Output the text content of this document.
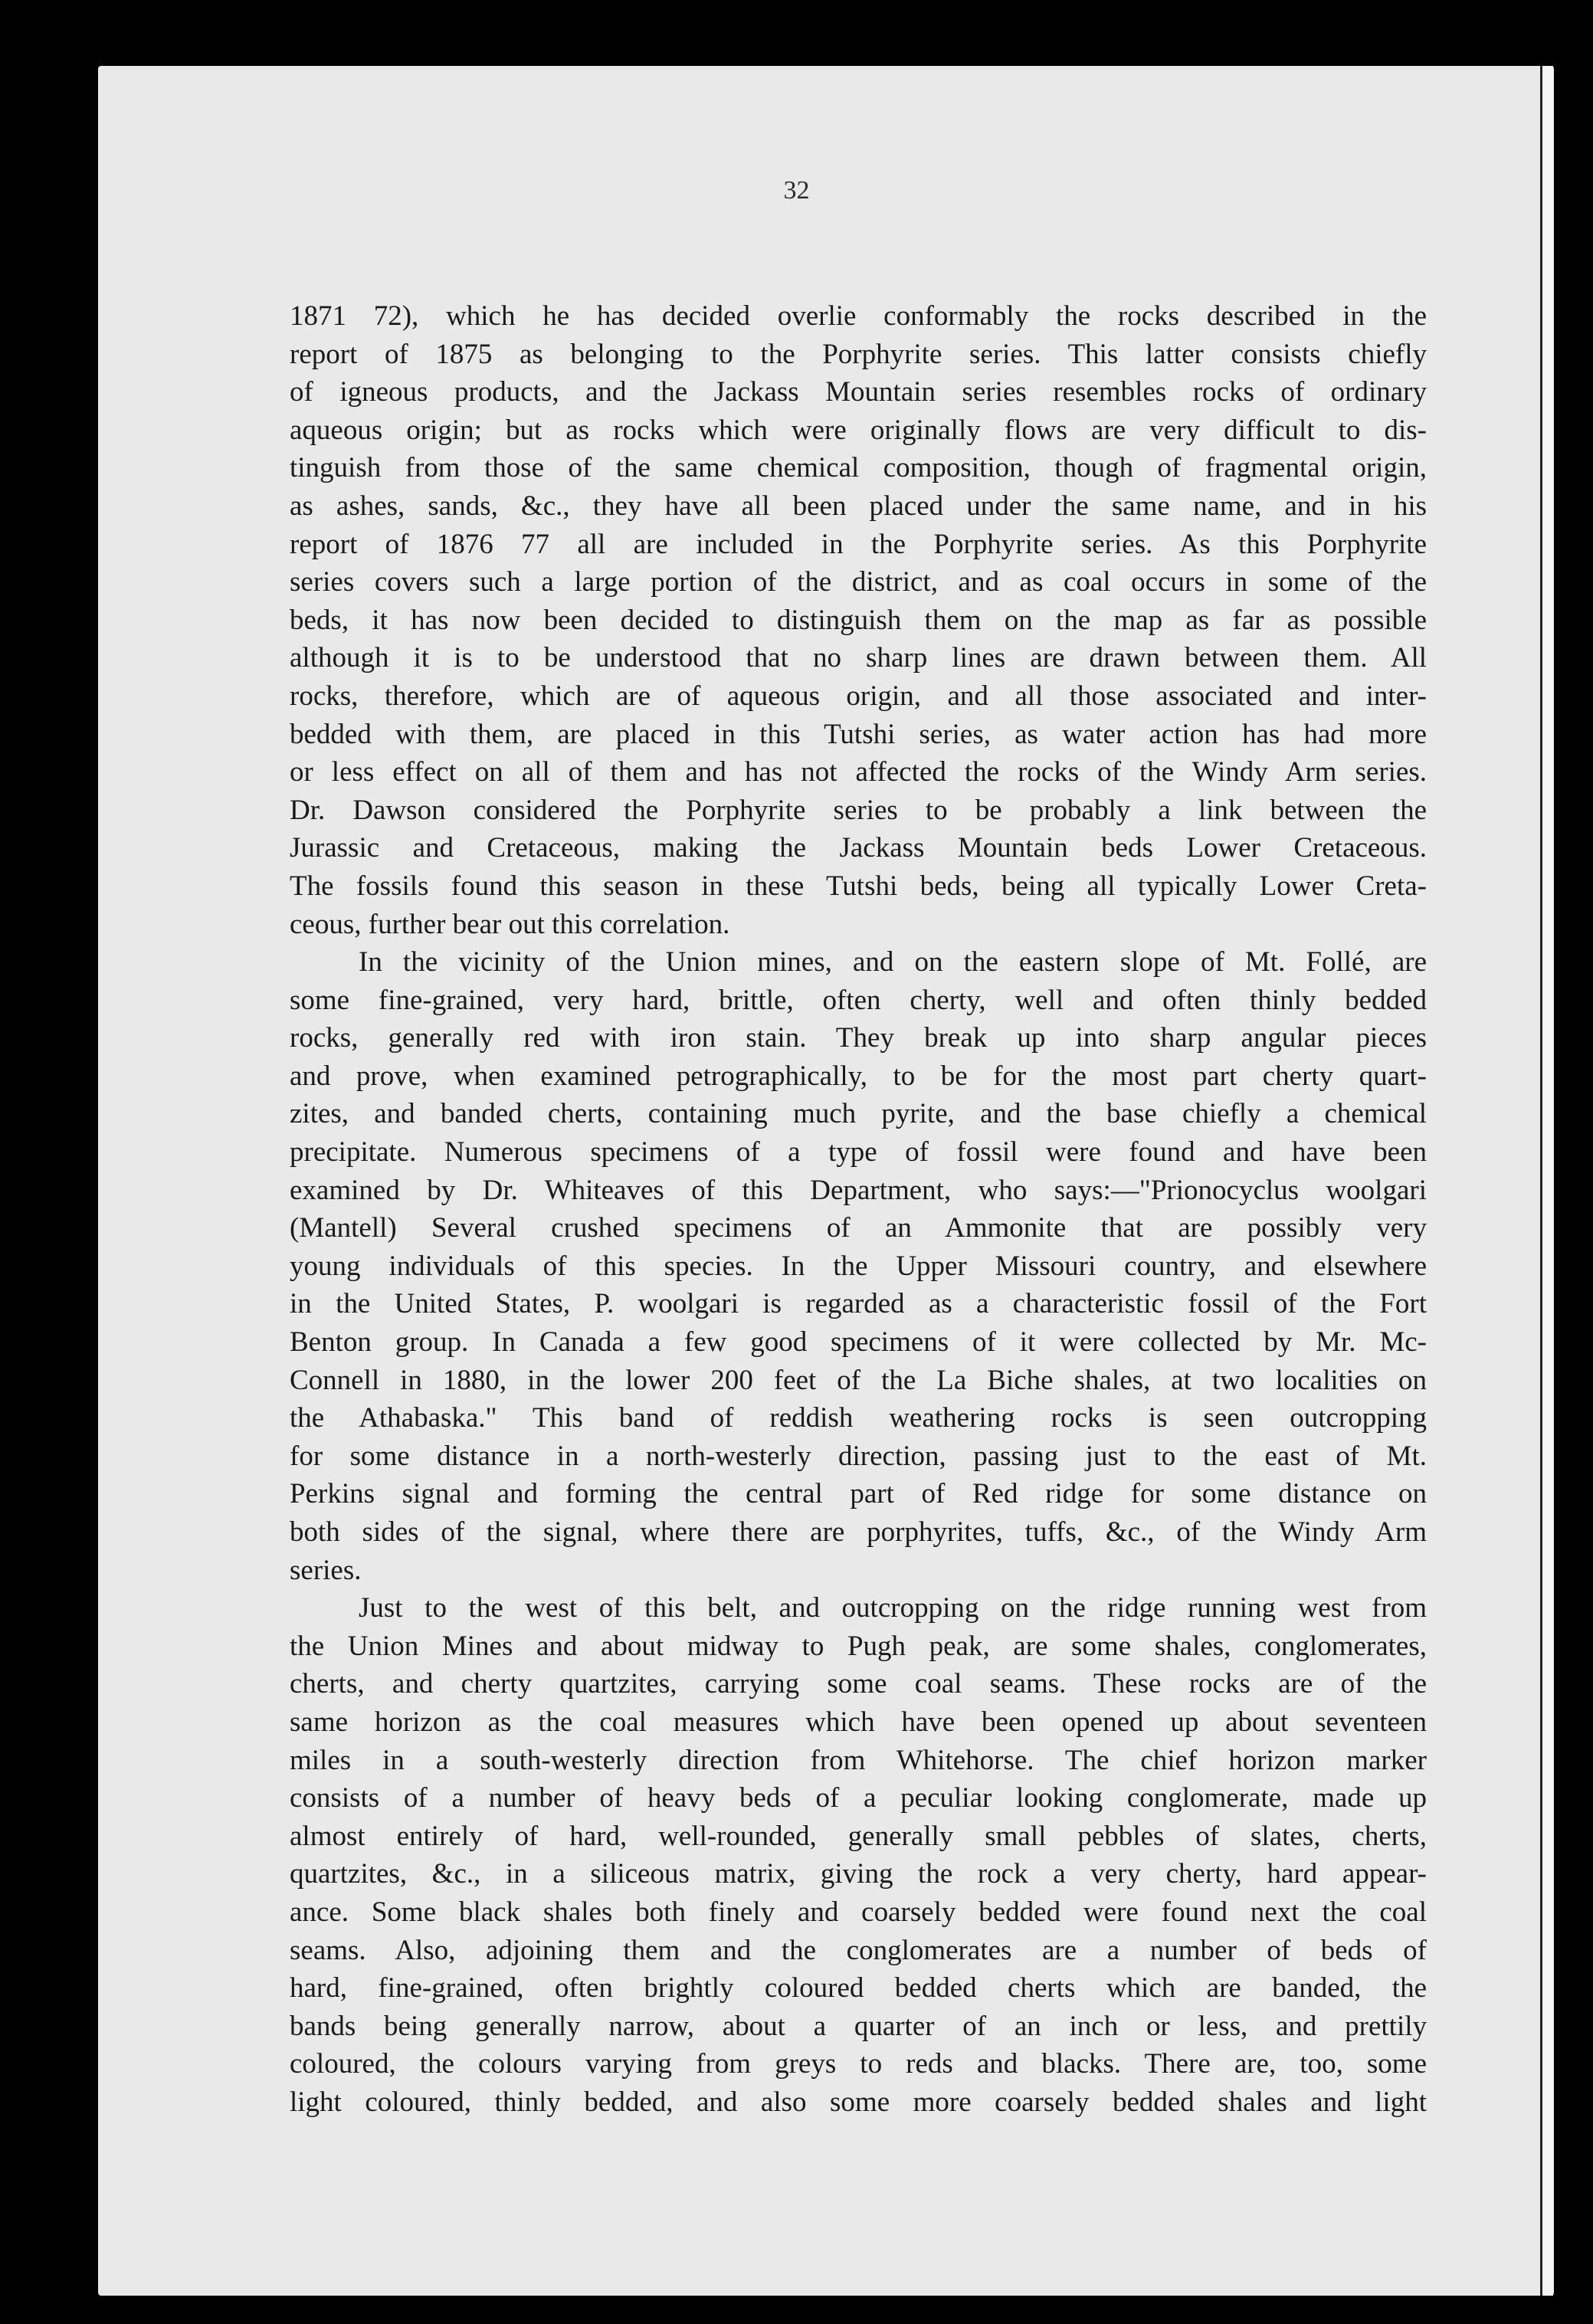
32
1871 72), which he has decided overlie conformably the rocks described in the
report of 1875 as belonging to the Porphyrite series. This latter consists chiefly
of igneous products, and the Jackass Mountain series resembles rocks of ordinary
aqueous origin; but as rocks which were originally flows are very difficult to dis-
tinguish from those of the same chemical composition, though of fragmental origin,
as ashes, sands, &c., they have all been placed under the same name, and in his
report of 1876 77 all are included in the Porphyrite series. As this Porphyrite
series covers such a large portion of the district, and as coal occurs in some of the
beds, it has now been decided to distinguish them on the map as far as possible
although it is to be understood that no sharp lines are drawn between them. All
rocks, therefore, which are of aqueous origin, and all those associated and inter-
bedded with them, are placed in this Tutshi series, as water action has had more
or less effect on all of them and has not affected the rocks of the Windy Arm series.
Dr. Dawson considered the Porphyrite series to be probably a link between the
Jurassic and Cretaceous, making the Jackass Mountain beds Lower Cretaceous.
The fossils found this season in these Tutshi beds, being all typically Lower Creta-
ceous, further bear out this correlation.
In the vicinity of the Union mines, and on the eastern slope of Mt. Follé, are
some fine-grained, very hard, brittle, often cherty, well and often thinly bedded
rocks, generally red with iron stain. They break up into sharp angular pieces
and prove, when examined petrographically, to be for the most part cherty quart-
zites, and banded cherts, containing much pyrite, and the base chiefly a chemical
precipitate. Numerous specimens of a type of fossil were found and have been
examined by Dr. Whiteaves of this Department, who says:—"Prionocyclus woolgari
(Mantell) Several crushed specimens of an Ammonite that are possibly very
young individuals of this species. In the Upper Missouri country, and elsewhere
in the United States, P. woolgari is regarded as a characteristic fossil of the Fort
Benton group. In Canada a few good specimens of it were collected by Mr. Mc-
Connell in 1880, in the lower 200 feet of the La Biche shales, at two localities on
the Athabaska." This band of reddish weathering rocks is seen outcropping
for some distance in a north-westerly direction, passing just to the east of Mt.
Perkins signal and forming the central part of Red ridge for some distance on
both sides of the signal, where there are porphyrites, tuffs, &c., of the Windy Arm
series.
Just to the west of this belt, and outcropping on the ridge running west from
the Union Mines and about midway to Pugh peak, are some shales, conglomerates,
cherts, and cherty quartzites, carrying some coal seams. These rocks are of the
same horizon as the coal measures which have been opened up about seventeen
miles in a south-westerly direction from Whitehorse. The chief horizon marker
consists of a number of heavy beds of a peculiar looking conglomerate, made up
almost entirely of hard, well-rounded, generally small pebbles of slates, cherts,
quartzites, &c., in a siliceous matrix, giving the rock a very cherty, hard appear-
ance. Some black shales both finely and coarsely bedded were found next the coal
seams. Also, adjoining them and the conglomerates are a number of beds of
hard, fine-grained, often brightly coloured bedded cherts which are banded, the
bands being generally narrow, about a quarter of an inch or less, and prettily
coloured, the colours varying from greys to reds and blacks. There are, too, some
light coloured, thinly bedded, and also some more coarsely bedded shales and light
